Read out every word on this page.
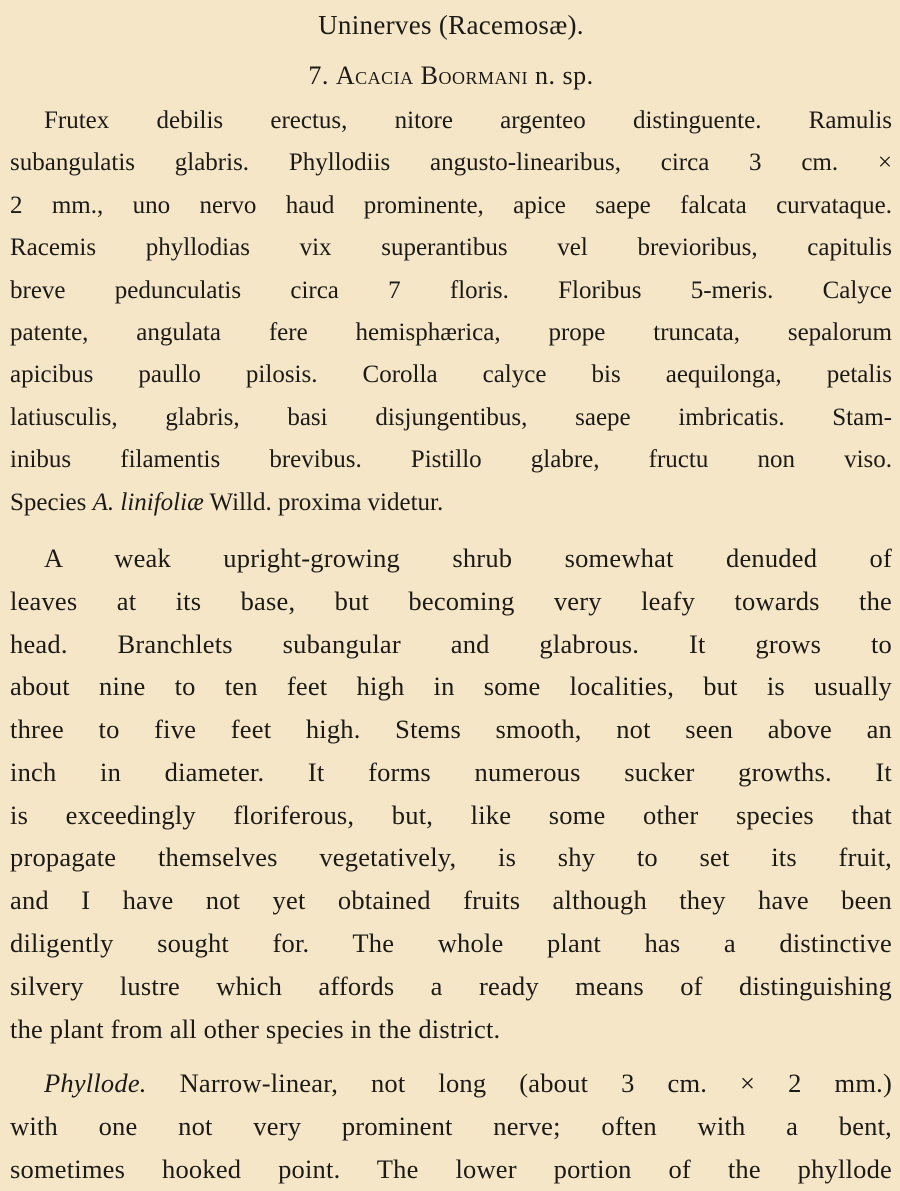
Uninerves (Racemosæ).
7. Acacia Boormani n. sp.
Frutex debilis erectus, nitore argenteo distinguente. Ramulis
subangulatis glabris. Phyllodiis angusto-linearibus, circa 3 cm. ×
2 mm., uno nervo haud prominente, apice saepe falcata curvataque.
Racemis phyllodias vix superantibus vel brevioribus, capitulis
breve pedunculatis circa 7 floris. Floribus 5-meris. Calyce
patente, angulata fere hemisphærica, prope truncata, sepalorum
apicibus paullo pilosis. Corolla calyce bis aequilonga, petalis
latiusculis, glabris, basi disjungentibus, saepe imbricatis. Stam-
inibus filamentis brevibus. Pistillo glabre, fructu non viso.
Species A. linifoliæ Willd. proxima videtur.
A weak upright-growing shrub somewhat denuded of
leaves at its base, but becoming very leafy towards the
head. Branchlets subangular and glabrous. It grows to
about nine to ten feet high in some localities, but is usually
three to five feet high. Stems smooth, not seen above an
inch in diameter. It forms numerous sucker growths. It
is exceedingly floriferous, but, like some other species that
propagate themselves vegetatively, is shy to set its fruit,
and I have not yet obtained fruits although they have been
diligently sought for. The whole plant has a distinctive
silvery lustre which affords a ready means of distinguishing
the plant from all other species in the district.
Phyllode. Narrow-linear, not long (about 3 cm. × 2 mm.)
with one not very prominent nerve; often with a bent,
sometimes hooked point. The lower portion of the phyllode
